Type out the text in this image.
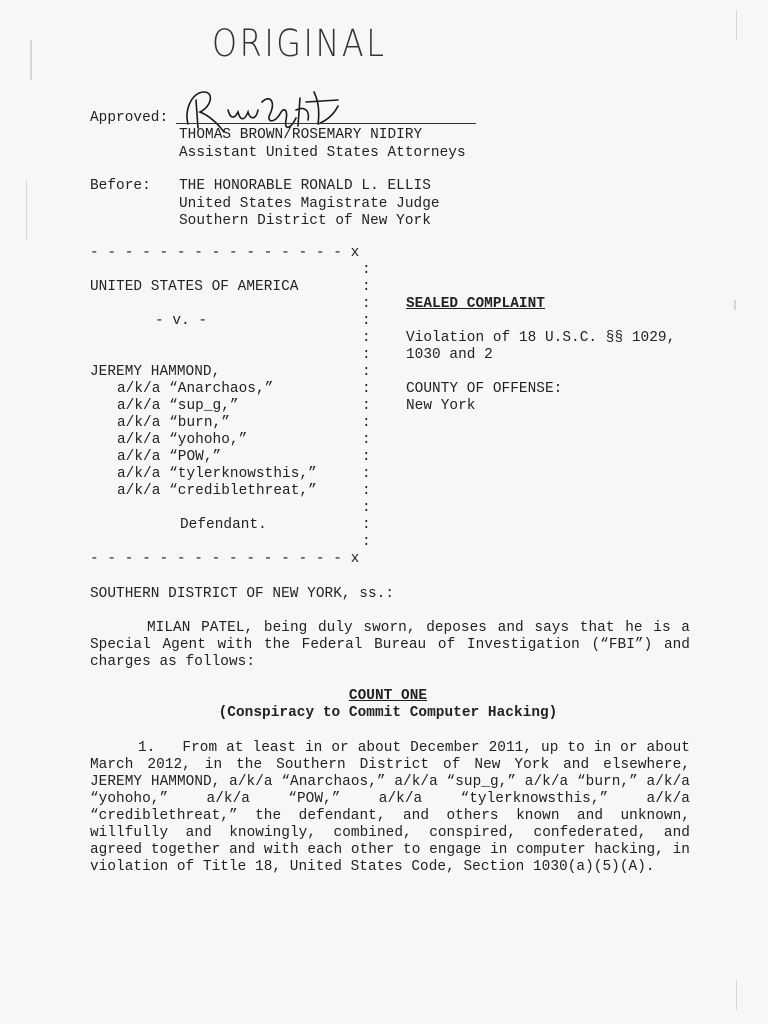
ORIGINAL
Approved:
THOMAS BROWN/ROSEMARY NIDIRY
Assistant United States Attorneys
Before: THE HONORABLE RONALD L. ELLIS
United States Magistrate Judge
Southern District of New York
- - - - - - - - - - - - - - - x
:
:
:
:
:
:
:
:
:
:
:
:
:
:
:
:
:
UNITED STATES OF AMERICA
- v. -
JEREMY HAMMOND,
a/k/a “Anarchaos,”
a/k/a “sup_g,”
a/k/a “burn,”
a/k/a “yohoho,”
a/k/a “POW,”
a/k/a “tylerknowsthis,”
a/k/a “crediblethreat,”
Defendant.
- - - - - - - - - - - - - - - x
SEALED COMPLAINT
Violation of 18 U.S.C. §§ 1029,
1030 and 2
COUNTY OF OFFENSE:
New York
SOUTHERN DISTRICT OF NEW YORK, ss.:

MILAN PATEL, being duly sworn, deposes and says that he is a Special Agent with the Federal Bureau of Investigation (“FBI”) and charges as follows:

COUNT ONE
(Conspiracy to Commit Computer Hacking)

1. From at least in or about December 2011, up to in or about March 2012, in the Southern District of New York and elsewhere, JEREMY HAMMOND, a/k/a “Anarchaos,” a/k/a “sup_g,” a/k/a “burn,” a/k/a “yohoho,” a/k/a “POW,” a/k/a “tylerknowsthis,” a/k/a “crediblethreat,” the defendant, and others known and unknown, willfully and knowingly, combined, conspired, confederated, and agreed together and with each other to engage in computer hacking, in violation of Title 18, United States Code, Section 1030(a)(5)(A).
